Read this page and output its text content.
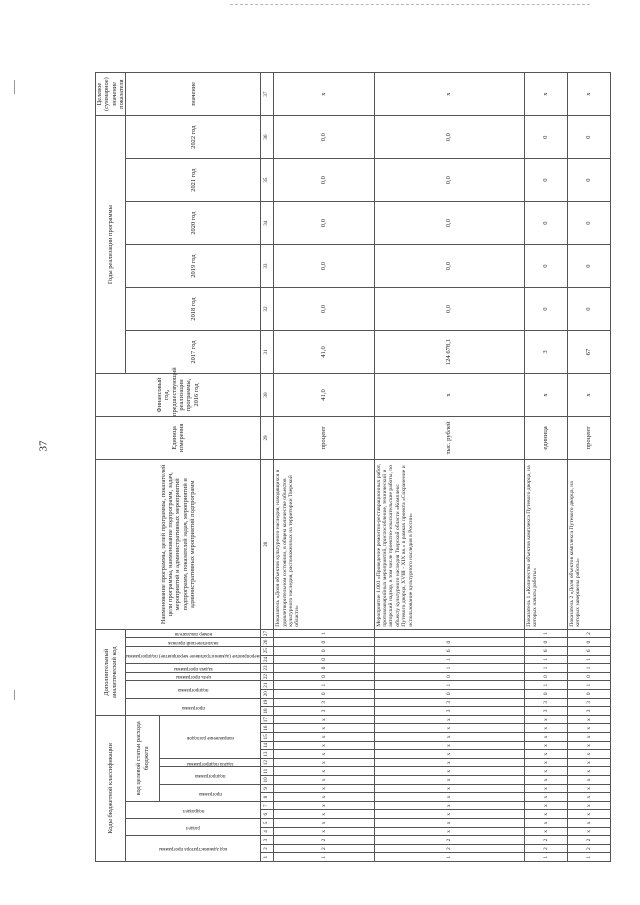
37
Коды бюджетной классификации																	Дополнительный аналитический код										Наименование программы, целей программы, показателей цели программы, наименование подпрограмм, задач, мероприятий и административных мероприятий подпрограмм, показателей задач, мероприятий и административных мероприятий подпрограмм	Единица измерения	Финансовый год, предшествующий реализации программы, 2016 год	Годы реализации программы						Целевое (суммарное) значение показателя

код администратора программы			раздел		подраздел		код целевой статьи расхода бюджета										программа		подпрограмма		цель программы	задача программы	мероприятие (административное мероприятие) подпрограммы		аналитический признак	номер показателя				2017 год	2018 год	2019 год	2020 год	2021 год	2022 год	значение

							программа		подпрограмма		задача подпрограммы	направление расходов																								

1	2	3	4	5	6	7	8	9	10	11	12	13	14	15	16	17	18	19	20	21	22	23	24	25	26	27	28	29	30	31	32	33	34	35	36	37
1	2	2	x	x	x	x	x	x	x	x	x	x	x	x	x	x	3	3	0	1	0	0	0	0	0	1	Показатель «Доля объектов культурного наследия, находящихся в удовлетворительном состоянии, в общем количестве объектов культурного наследия, расположенных на территории Тверской области»	процент	41,0	41,0	0,0	0,0	0,0	0,0	0,0	x
1	2	2	x	x	x	x	x	x	x	x	x	x	x	x	x	x	3	3	0	1	0	1	1	6	0		Мероприятие 1.001 «Проведение ремонтно-реставрационных работ, противоаварийных мероприятий, приспособление, технический и авторский надзор, в том числе проектно-изыскательские работы, по объекту культурного наследия Тверской области «Комплекс Путевого дворца, XVIII - XIX вв.» в рамках проекта «Сохранение и использование культурного наследия в России»	тыс. рублей	x	124 678,1	0,0	0,0	0,0	0,0	0,0	x
1	2	2	x	x	x	x	x	x	x	x	x	x	x	x	x	x	3	3	0	1	0	1	1	6	0	1	Показатель 1 «Количество объектов комплекса Путевого дворца, на которых начаты работы»	единица	x	3	0	0	0	0	0	x
1	2	2	x	x	x	x	x	x	x	x	x	x	x	x	x	x	3	3	0	1	0	1	1	6	0	2	Показатель 2 «Доля объектов комплекса Путевого дворца, на которых завершены работы»	процент	x	67	0	0	0	0	0	x
